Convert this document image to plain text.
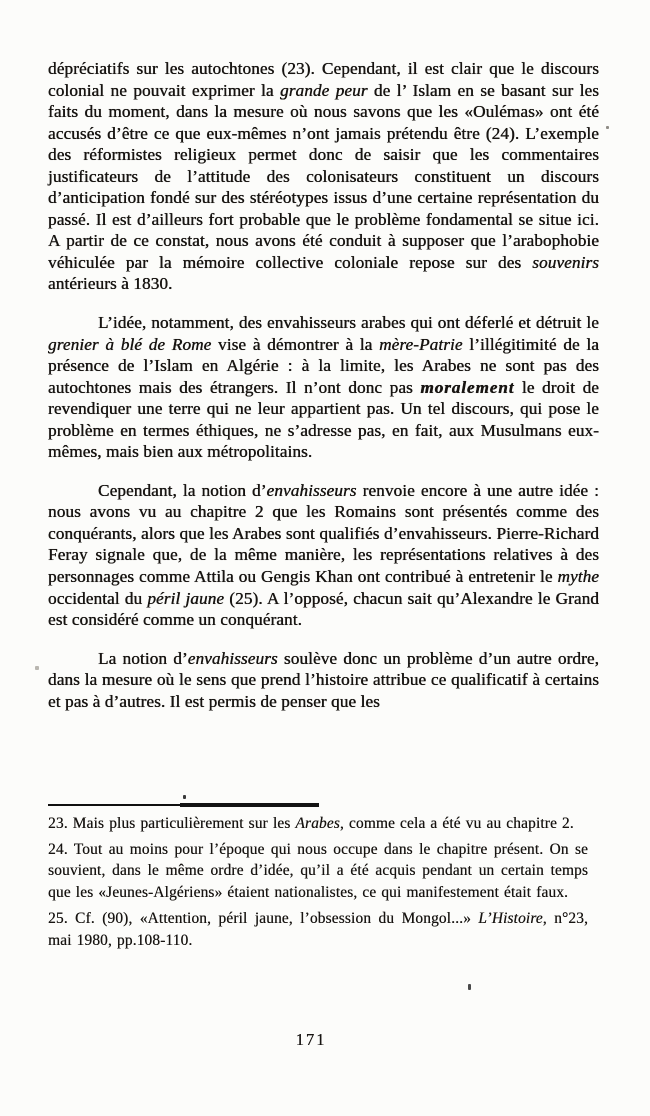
dépréciatifs sur les autochtones (23). Cependant, il est clair que le discours colonial ne pouvait exprimer la grande peur de l’ Islam en se basant sur les faits du moment, dans la mesure où nous savons que les «Oulémas» ont été accusés d’être ce que eux-mêmes n’ont jamais prétendu être (24). L’exemple des réformistes religieux permet donc de saisir que les commentaires justificateurs de l’attitude des colonisateurs constituent un discours d’anticipation fondé sur des stéréotypes issus d’une certaine représentation du passé. Il est d’ailleurs fort probable que le problème fondamental se situe ici. A partir de ce constat, nous avons été conduit à supposer que l’arabophobie véhiculée par la mémoire collective coloniale repose sur des souvenirs antérieurs à 1830.

L’idée, notamment, des envahisseurs arabes qui ont déferlé et détruit le grenier à blé de Rome vise à démontrer à la mère-Patrie l’illégitimité de la présence de l’Islam en Algérie : à la limite, les Arabes ne sont pas des autochtones mais des étrangers. Il n’ont donc pas moralement le droit de revendiquer une terre qui ne leur appartient pas. Un tel discours, qui pose le problème en termes éthiques, ne s’adresse pas, en fait, aux Musulmans eux-mêmes, mais bien aux métropolitains.

Cependant, la notion d’envahisseurs renvoie encore à une autre idée : nous avons vu au chapitre 2 que les Romains sont présentés comme des conquérants, alors que les Arabes sont qualifiés d’envahisseurs. Pierre-Richard Feray signale que, de la même manière, les représentations relatives à des personnages comme Attila ou Gengis Khan ont contribué à entretenir le mythe occidental du péril jaune (25). A l’opposé, chacun sait qu’Alexandre le Grand est considéré comme un conquérant.

La notion d’envahisseurs soulève donc un problème d’un autre ordre, dans la mesure où le sens que prend l’histoire attribue ce qualificatif à certains et pas à d’autres. Il est permis de penser que les

23. Mais plus particulièrement sur les Arabes, comme cela a été vu au chapitre 2.

24. Tout au moins pour l’époque qui nous occupe dans le chapitre présent. On se souvient, dans le même ordre d’idée, qu’il a été acquis pendant un certain temps que les «Jeunes-Algériens» étaient nationalistes, ce qui manifestement était faux.

25. Cf. (90), «Attention, péril jaune, l’obsession du Mongol...» L’Histoire, n°23, mai 1980, pp.108-110.

171
